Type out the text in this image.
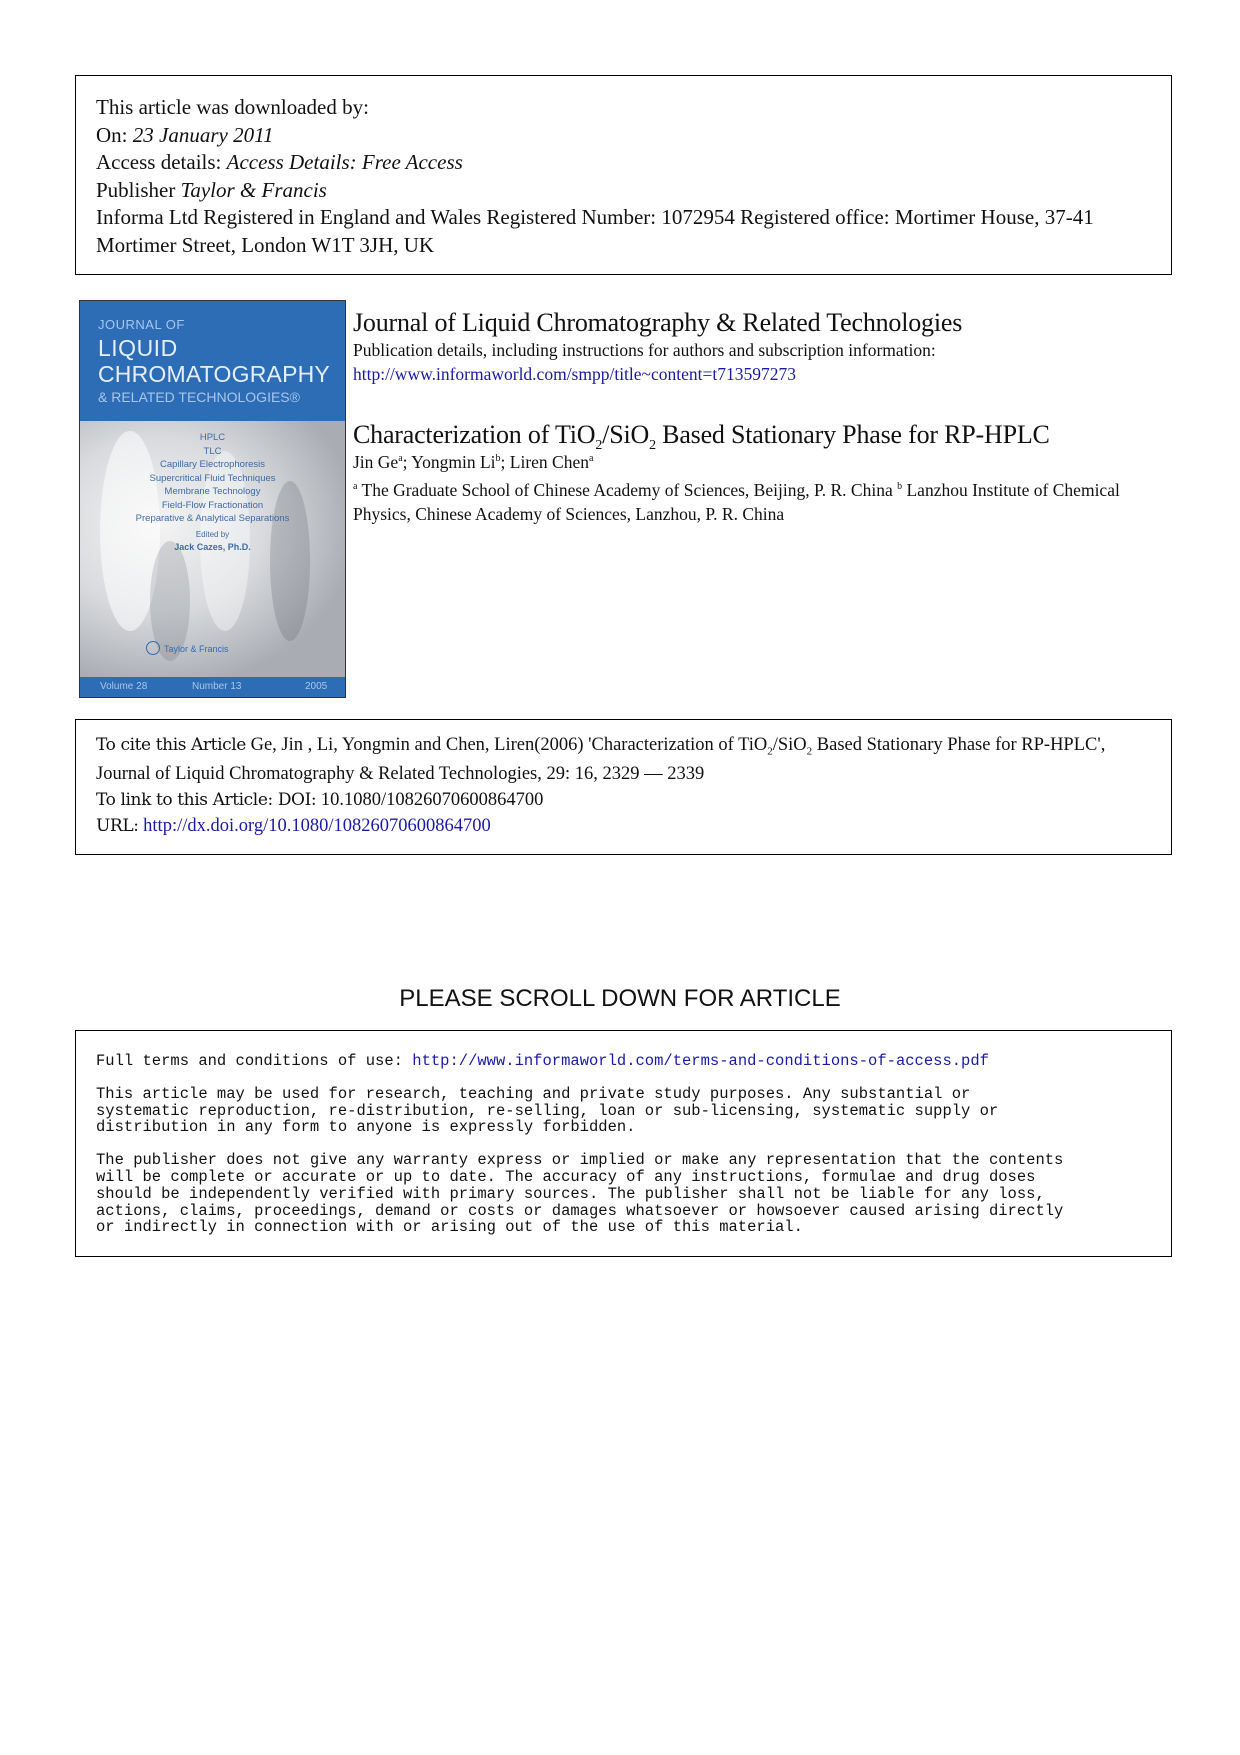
This article was downloaded by:
On: 23 January 2011
Access details: Access Details: Free Access
Publisher Taylor & Francis
Informa Ltd Registered in England and Wales Registered Number: 1072954 Registered office: Mortimer House, 37-41 Mortimer Street, London W1T 3JH, UK
JOURNAL OF
LIQUID
CHROMATOGRAPHY
& RELATED TECHNOLOGIES®
HPLC
TLC
Capillary Electrophoresis
Supercritical Fluid Techniques
Membrane Technology
Field-Flow Fractionation
Preparative & Analytical Separations
Edited by
Jack Cazes, Ph.D.
Taylor & Francis
Volume 28	Number 13	2005
Journal of Liquid Chromatography & Related Technologies
Publication details, including instructions for authors and subscription information:
http://www.informaworld.com/smpp/title~content=t713597273
Characterization of TiO$_2$/SiO$_2$ Based Stationary Phase for RP-HPLC
Jin Ge$^a$; Yongmin Li$^b$; Liren Chen$^a$
$^a$ The Graduate School of Chinese Academy of Sciences, Beijing, P. R. China $^b$ Lanzhou Institute of Chemical Physics, Chinese Academy of Sciences, Lanzhou, P. R. China
To cite this Article Ge, Jin , Li, Yongmin and Chen, Liren(2006) 'Characterization of TiO$_2$/SiO$_2$ Based Stationary Phase for RP-HPLC', Journal of Liquid Chromatography & Related Technologies, 29: 16, 2329 — 2339
To link to this Article: DOI: 10.1080/10826070600864700
URL: http://dx.doi.org/10.1080/10826070600864700
PLEASE SCROLL DOWN FOR ARTICLE

Full terms and conditions of use: http://www.informaworld.com/terms-and-conditions-of-access.pdf

This article may be used for research, teaching and private study purposes. Any substantial or
systematic reproduction, re-distribution, re-selling, loan or sub-licensing, systematic supply or
distribution in any form to anyone is expressly forbidden.

The publisher does not give any warranty express or implied or make any representation that the contents
will be complete or accurate or up to date. The accuracy of any instructions, formulae and drug doses
should be independently verified with primary sources. The publisher shall not be liable for any loss,
actions, claims, proceedings, demand or costs or damages whatsoever or howsoever caused arising directly
or indirectly in connection with or arising out of the use of this material.
